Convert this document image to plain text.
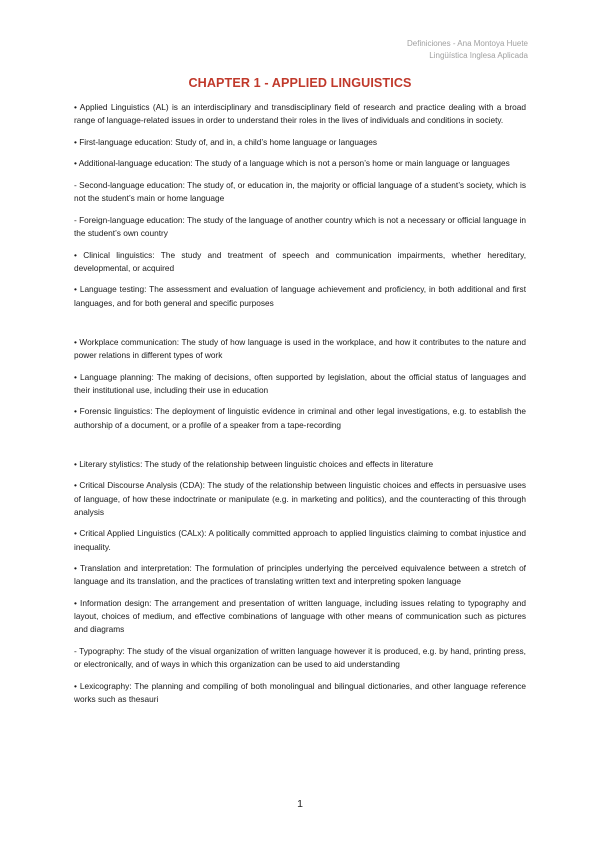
Definiciones - Ana Montoya Huete
Lingüística Inglesa Aplicada
CHAPTER 1 - APPLIED LINGUISTICS

• Applied Linguistics (AL) is an interdisciplinary and transdisciplinary field of research and practice dealing with a broad range of language-related issues in order to understand their roles in the lives of individuals and conditions in society.

• First-language education: Study of, and in, a child’s home language or languages

• Additional-language education: The study of a language which is not a person’s home or main language or languages

- Second-language education: The study of, or education in, the majority or official language of a student’s society, which is not the student’s main or home language

- Foreign-language education: The study of the language of another country which is not a necessary or official language in the student’s own country

• Clinical linguistics: The study and treatment of speech and communication impairments, whether hereditary, developmental, or acquired

• Language testing: The assessment and evaluation of language achievement and proficiency, in both additional and first languages, and for both general and specific purposes

• Workplace communication: The study of how language is used in the workplace, and how it contributes to the nature and power relations in different types of work

• Language planning: The making of decisions, often supported by legislation, about the official status of languages and their institutional use, including their use in education

• Forensic linguistics: The deployment of linguistic evidence in criminal and other legal investigations, e.g. to establish the authorship of a document, or a profile of a speaker from a tape-recording

• Literary stylistics: The study of the relationship between linguistic choices and effects in literature

• Critical Discourse Analysis (CDA): The study of the relationship between linguistic choices and effects in persuasive uses of language, of how these indoctrinate or manipulate (e.g. in marketing and politics), and the counteracting of this through analysis

• Critical Applied Linguistics (CALx): A politically committed approach to applied linguistics claiming to combat injustice and inequality.

• Translation and interpretation: The formulation of principles underlying the perceived equivalence between a stretch of language and its translation, and the practices of translating written text and interpreting spoken language

• Information design: The arrangement and presentation of written language, including issues relating to typography and layout, choices of medium, and effective combinations of language with other means of communication such as pictures and diagrams

- Typography: The study of the visual organization of written language however it is produced, e.g. by hand, printing press, or electronically, and of ways in which this organization can be used to aid understanding

• Lexicography: The planning and compiling of both monolingual and bilingual dictionaries, and other language reference works such as thesauri

1
